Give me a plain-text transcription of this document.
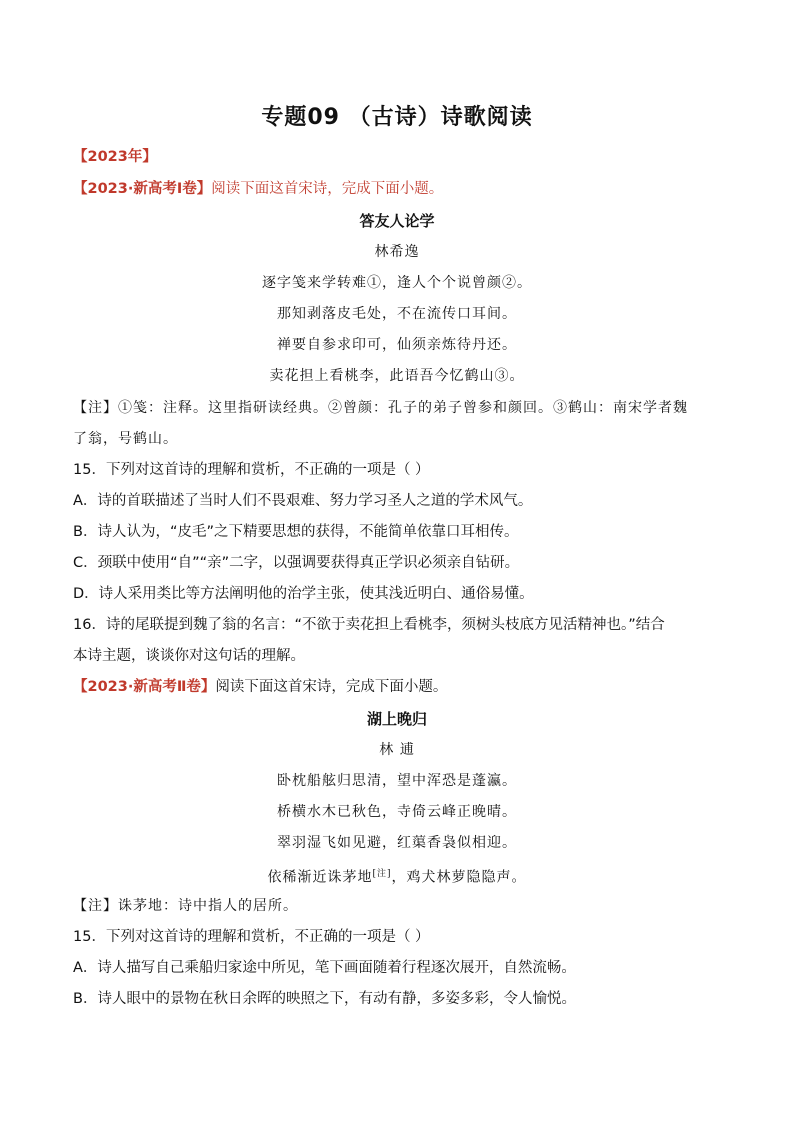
专题09 （古诗）诗歌阅读
【2023年】
【2023·新高考Ⅰ卷】阅读下面这首宋诗，完成下面小题。
答友人论学
林希逸
逐字笺来学转难①，逢人个个说曾颜②。
那知剥落皮毛处，不在流传口耳间。
禅要自参求印可，仙须亲炼待丹还。
卖花担上看桃李，此语吾今忆鹤山③。
【注】①笺：注释。这里指研读经典。②曾颜：孔子的弟子曾参和颜回。③鹤山：南宋学者魏
了翁，号鹤山。
15．下列对这首诗的理解和赏析，不正确的一项是（ ）
A．诗的首联描述了当时人们不畏艰难、努力学习圣人之道的学术风气。
B．诗人认为，“皮毛”之下精要思想的获得，不能简单依靠口耳相传。
C．颈联中使用“自”“亲”二字，以强调要获得真正学识必须亲自钻研。
D．诗人采用类比等方法阐明他的治学主张，使其浅近明白、通俗易懂。
16．诗的尾联提到魏了翁的名言：“不欲于卖花担上看桃李，须树头枝底方见活精神也。”结合
本诗主题，谈谈你对这句话的理解。
【2023·新高考Ⅱ卷】阅读下面这首宋诗，完成下面小题。
湖上晚归
林 逋
卧枕船舷归思清，望中浑恐是蓬瀛。
桥横水木已秋色，寺倚云峰正晚晴。
翠羽湿飞如见避，红蕖香袅似相迎。
依稀渐近诛茅地[注]，鸡犬林萝隐隐声。
【注】诛茅地：诗中指人的居所。
15．下列对这首诗的理解和赏析，不正确的一项是（ ）
A．诗人描写自己乘船归家途中所见，笔下画面随着行程逐次展开，自然流畅。
B．诗人眼中的景物在秋日余晖的映照之下，有动有静，多姿多彩，令人愉悦。
